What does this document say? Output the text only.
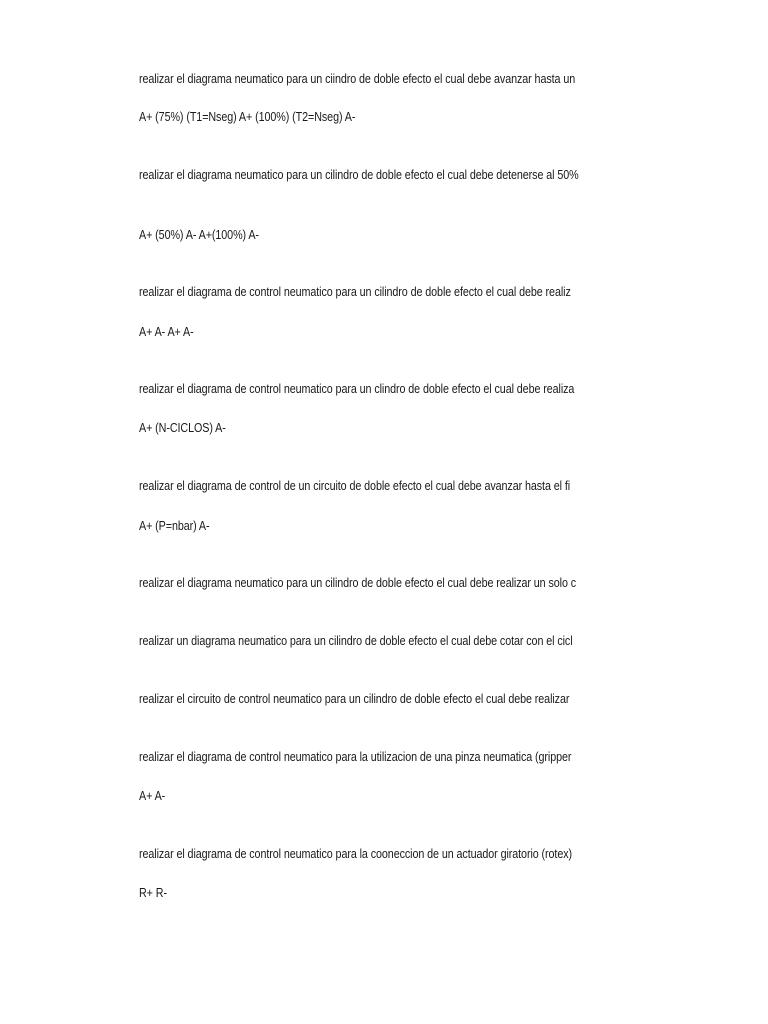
realizar el diagrama neumatico para un ciindro de doble efecto el cual debe avanzar hasta un
A+ (75%) (T1=Nseg) A+ (100%) (T2=Nseg) A-
realizar el diagrama neumatico para un cilindro de doble efecto el cual debe detenerse al 50%
A+ (50%) A- A+(100%) A-
realizar el diagrama de control neumatico para un cilindro de doble efecto el cual debe realiz
A+ A- A+ A-
realizar el diagrama de control neumatico para un clindro de doble efecto el cual debe realiza
A+ (N-CICLOS) A-
realizar el diagrama de control de un circuito de doble efecto el cual debe avanzar hasta el fi
A+ (P=nbar) A-
realizar el diagrama neumatico para un cilindro de doble efecto el cual debe realizar un solo c
realizar un diagrama neumatico para un cilindro de doble efecto el cual debe cotar con el cicl
realizar el circuito de control neumatico para un cilindro de doble efecto el cual debe realizar
realizar el diagrama de control neumatico para la utilizacion de una pinza neumatica (gripper
A+ A-
realizar el diagrama de control neumatico para la cooneccion de un actuador giratorio (rotex)
R+ R-
